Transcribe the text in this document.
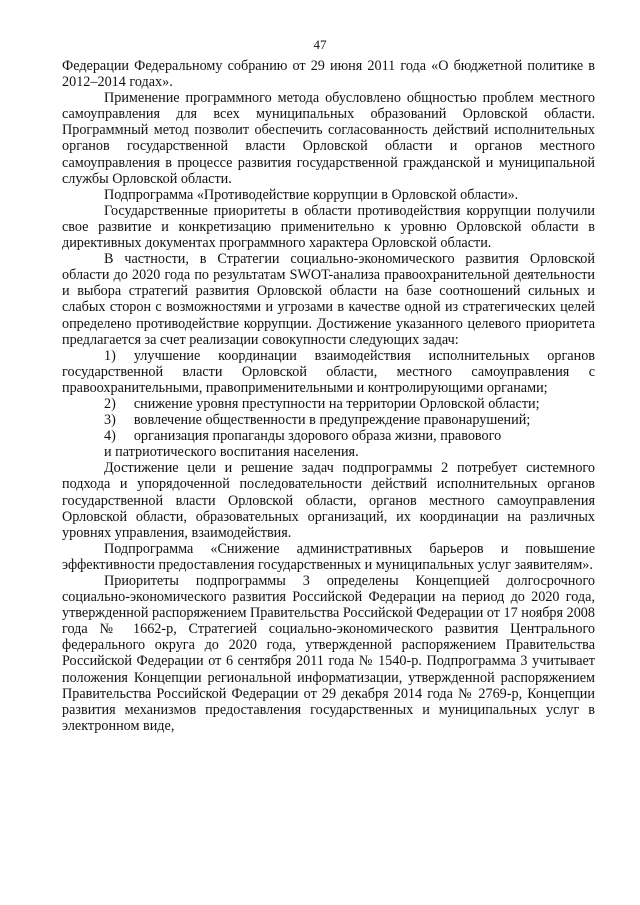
47

Федерации Федеральному собранию от 29 июня 2011 года «О бюджетной политике в 2012–2014 годах».

Применение программного метода обусловлено общностью проблем местного самоуправления для всех муниципальных образований Орловской области. Программный метод позволит обеспечить согласованность действий исполнительных органов государственной власти Орловской области и органов местного самоуправления в процессе развития государственной гражданской и муниципальной службы Орловской области.

Подпрограмма «Противодействие коррупции в Орловской области».

Государственные приоритеты в области противодействия коррупции получили свое развитие и конкретизацию применительно к уровню Орловской области в директивных документах программного характера Орловской области.

В частности, в Стратегии социально-экономического развития Орловской области до 2020 года по результатам SWOT-анализа правоохранительной деятельности и выбора стратегий развития Орловской области на базе соотношений сильных и слабых сторон с возможностями и угрозами в качестве одной из стратегических целей определено противодействие коррупции. Достижение указанного целевого приоритета предлагается за счет реализации совокупности следующих задач:

1) улучшение координации взаимодействия исполнительных органов государственной власти Орловской области, местного самоуправления с правоохранительными, правоприменительными и контролирующими органами;

2) снижение уровня преступности на территории Орловской области;

3) вовлечение общественности в предупреждение правонарушений;

4) организация пропаганды здорового образа жизни, правового

и патриотического воспитания населения.

Достижение цели и решение задач подпрограммы 2 потребует системного подхода и упорядоченной последовательности действий исполнительных органов государственной власти Орловской области, органов местного самоуправления Орловской области, образовательных организаций, их координации на различных уровнях управления, взаимодействия.

Подпрограмма «Снижение административных барьеров и повышение эффективности предоставления государственных и муниципальных услуг заявителям».

Приоритеты подпрограммы 3 определены Концепцией долгосрочного социально-экономического развития Российской Федерации на период до 2020 года, утвержденной распоряжением Правительства Российской Федерации от 17 ноября 2008 года № 1662-р, Стратегией социально-экономического развития Центрального федерального округа до 2020 года, утвержденной распоряжением Правительства Российской Федерации от 6 сентября 2011 года № 1540-р. Подпрограмма 3 учитывает положения Концепции региональной информатизации, утвержденной распоряжением Правительства Российской Федерации от 29 декабря 2014 года № 2769-р, Концепции развития механизмов предоставления государственных и муниципальных услуг в электронном виде,
